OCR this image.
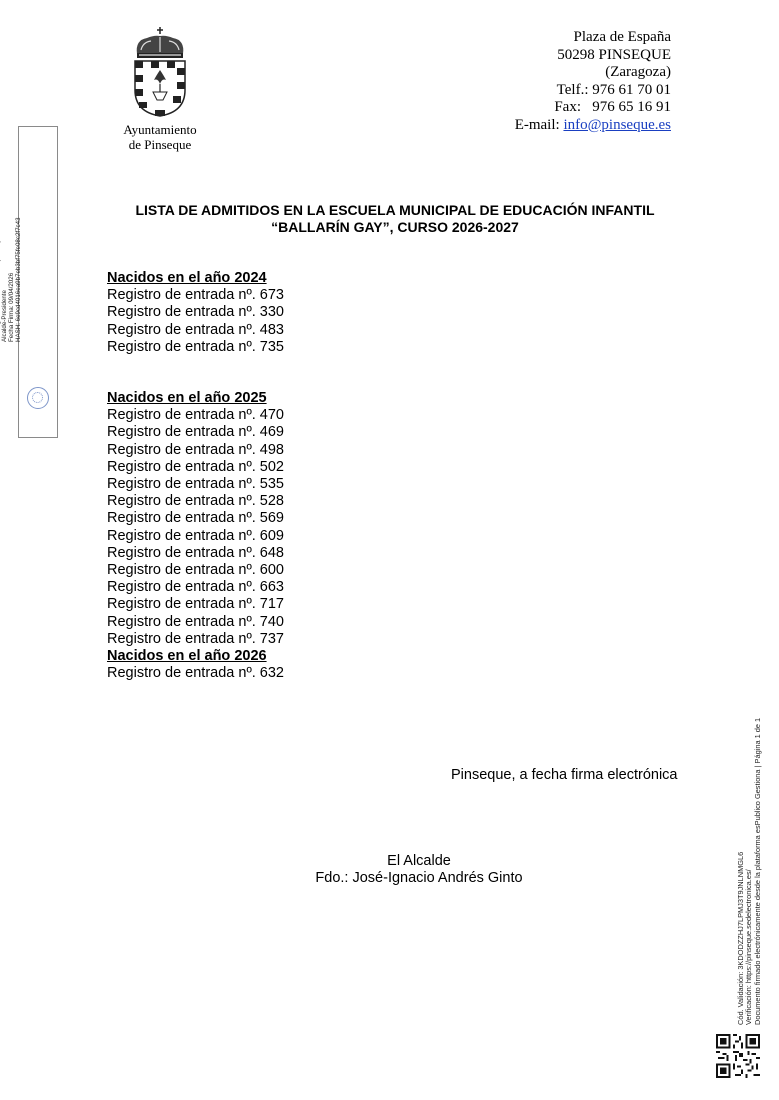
Alcalde-Presidente Fecha Firma: 09/04/2026 HASH: 6e9cd4016ea9b7eb3bf75fe08c2f7c43
Ayuntamiento
de Pinseque
Plaza de España
50298 PINSEQUE
(Zaragoza)
Telf.: 976 61 70 01
Fax: 976 65 16 91
E-mail: info@pinseque.es
LISTA DE ADMITIDOS EN LA ESCUELA MUNICIPAL DE EDUCACIÓN INFANTIL
“BALLARÍN GAY”, CURSO 2026-2027
Nacidos en el año 2024
Registro de entrada nº. 673
Registro de entrada nº. 330
Registro de entrada nº. 483
Registro de entrada nº. 735
Nacidos en el año 2025
Registro de entrada nº. 470
Registro de entrada nº. 469
Registro de entrada nº. 498
Registro de entrada nº. 502
Registro de entrada nº. 535
Registro de entrada nº. 528
Registro de entrada nº. 569
Registro de entrada nº. 609
Registro de entrada nº. 648
Registro de entrada nº. 600
Registro de entrada nº. 663
Registro de entrada nº. 717
Registro de entrada nº. 740
Registro de entrada nº. 737
Nacidos en el año 2026
Registro de entrada nº. 632
Pinseque, a fecha firma electrónica
El Alcalde
Fdo.: José-Ignacio Andrés Ginto	Cód. Validación: 3KDODZZHJ7LPMJ3T9JNLNMGL6 Verificación: https://pinseque.sedelectronica.es/ Documento firmado electrónicamente desde la plataforma esPublico Gestiona | Página 1 de 1
